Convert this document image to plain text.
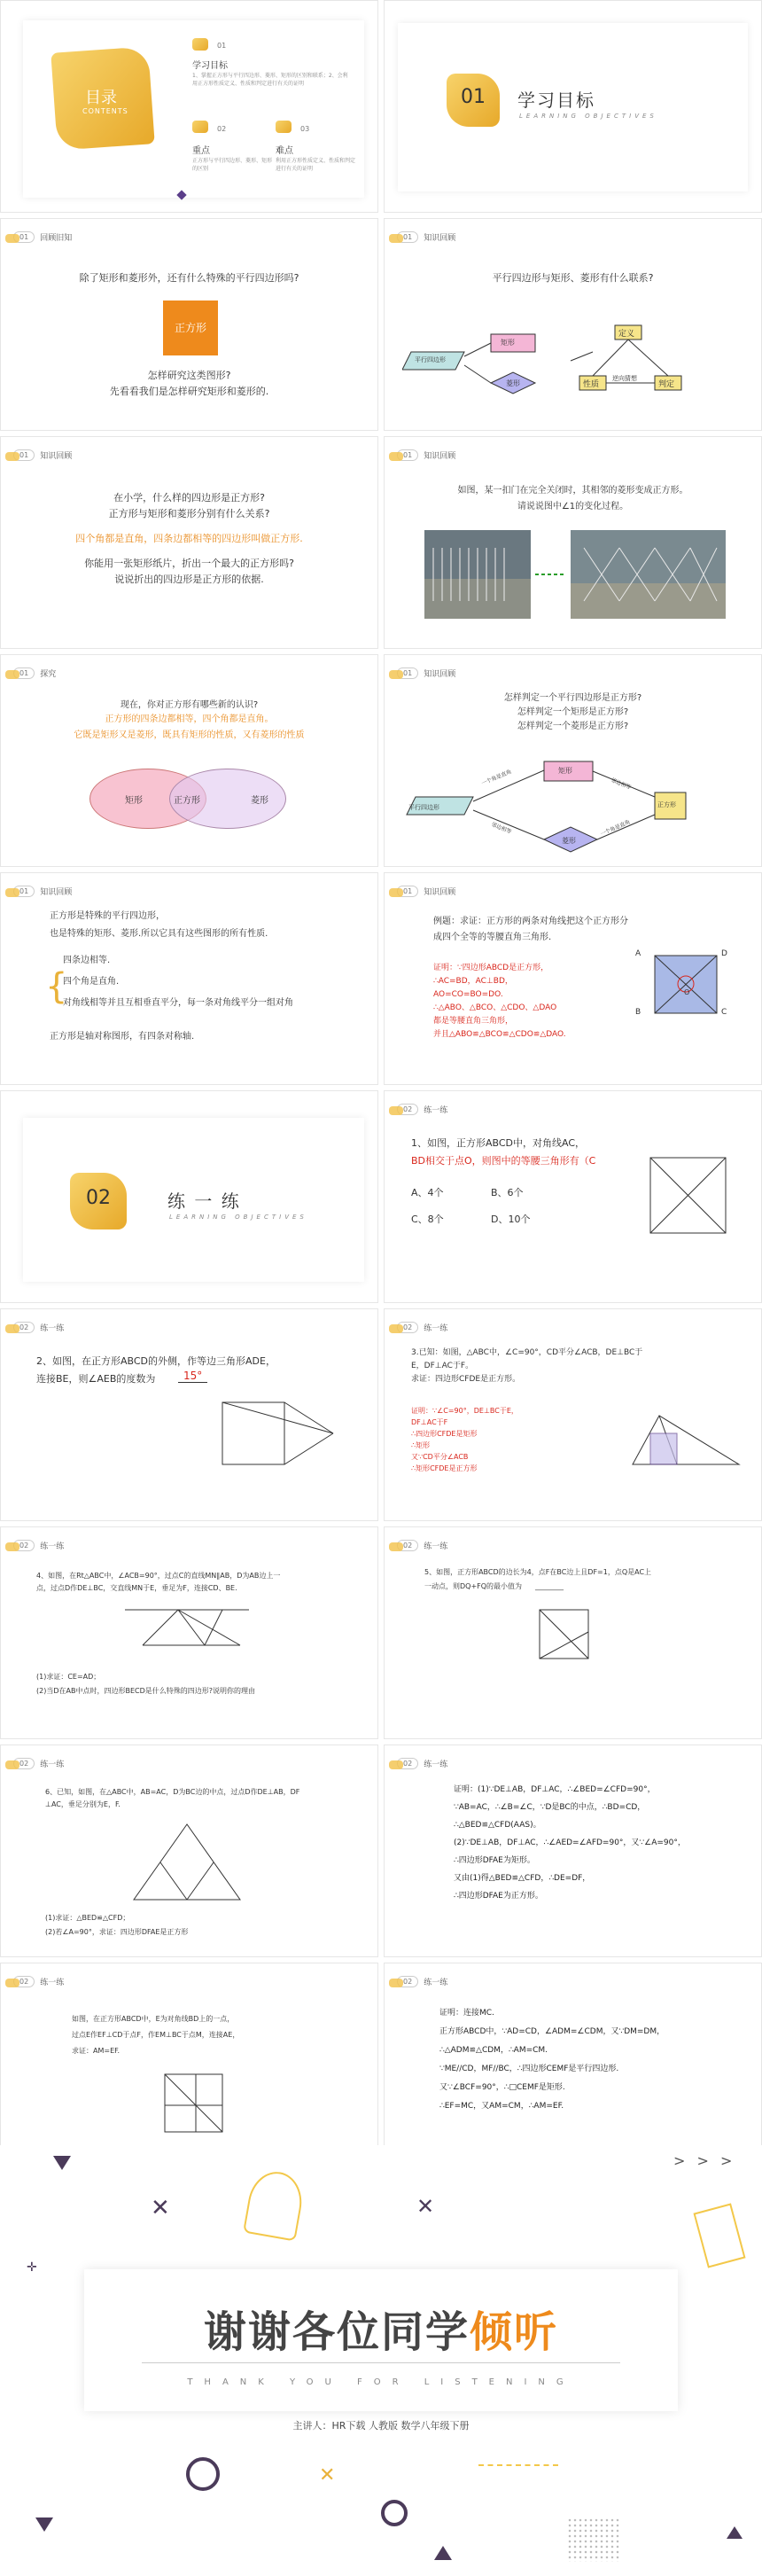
目录
CONTENTS
01
学习目标
1、掌握正方形与平行四边形、菱形、矩形的区别和联系；2、会利用正方形性质定义、性质和判定进行有关的证明
02
重点
正方形与平行四边形、菱形、矩形的区别
03
难点
利用正方形性质定义、性质和判定进行有关的证明
01 学习目标
LEARNING OBJECTIVES
01	回顾旧知
除了矩形和菱形外，还有什么特殊的平行四边形吗?
正方形
怎样研究这类图形?
先看看我们是怎样研究矩形和菱形的.
01	知识回顾
平行四边形与矩形、菱形有什么联系?
平行四边形
矩形
菱形
定义
性质	判定
逆向猜想
01	知识回顾
在小学，什么样的四边形是正方形?
正方形与矩形和菱形分别有什么关系?
四个角都是直角，四条边都相等的四边形叫做正方形.
你能用一张矩形纸片，折出一个最大的正方形吗?
说说折出的四边形是正方形的依据.
01	知识回顾
如图，某一扣门在完全关闭时，其相邻的菱形变成正方形。
请说说图中∠1的变化过程。
01	探究
现在，你对正方形有哪些新的认识?
正方形的四条边都相等，四个角都是直角。
它既是矩形又是菱形，既具有矩形的性质，又有菱形的性质
矩形	正方形	菱形
01	知识回顾
怎样判定一个平行四边形是正方形?
怎样判定一个矩形是正方形?
怎样判定一个菱形是正方形?
平行四边形
矩形
菱形
正方形
一个角是直角
邻边相等
邻边相等
一个角是直角
01	知识回顾
正方形是特殊的平行四边形，
也是特殊的矩形、菱形.所以它具有这些图形的所有性质.
{
四条边相等.
四个角是直角.
对角线相等并且互相垂直平分，每一条对角线平分一组对角
正方形是轴对称图形，有四条对称轴.
01	知识回顾
例题：求证：正方形的两条对角线把这个正方形分
成四个全等的等腰直角三角形.
证明：∵四边形ABCD是正方形，
∴AC=BD，AC⊥BD，
AO=CO=BO=DO.
∴△ABO、△BCO、△CDO、△DAO
都是等腰直角三角形，
并且△ABO≌△BCO≌△CDO≌△DAO.
A	D
B	C
O
02	练 一 练
LEARNING OBJECTIVES
02	练一练
1、如图，正方形ABCD中，对角线AC，
BD相交于点O，则图中的等腰三角形有（C
A、4个	B、6个
C、8个	D、10个
02	练一练
2、如图，在正方形ABCD的外侧，作等边三角形ADE，
连接BE，则∠AEB的度数为	15°
02	练一练
3.已知：如图，△ABC中，∠C=90°，CD平分∠ACB，DE⊥BC于
E，DF⊥AC于F。
求证：四边形CFDE是正方形。
证明：∵∠C=90°，DE⊥BC于E，
DF⊥AC于F
∴四边形CFDE是矩形
∴矩形
又∵CD平分∠ACB
∴矩形CFDE是正方形
02	练一练
4、如图，在Rt△ABC中，∠ACB=90°，过点C的直线MN∥AB，D为AB边上一
点，过点D作DE⊥BC，交直线MN于E，垂足为F，连接CD、BE.
(1)求证：CE=AD；
(2)当D在AB中点时，四边形BECD是什么特殊的四边形?说明你的理由
02	练一练
5、如图，正方形ABCD的边长为4，点F在BC边上且DF=1，点Q是AC上
一动点，则DQ+FQ的最小值为 ________
02	练一练
6、已知，如图，在△ABC中，AB=AC，D为BC边的中点，过点D作DE⊥AB，DF
⊥AC，垂足分别为E，F.
(1)求证：△BED≌△CFD；
(2)若∠A=90°，求证：四边形DFAE是正方形
02	练一练
证明：(1)∵DE⊥AB，DF⊥AC，∴∠BED=∠CFD=90°，
∵AB=AC，∴∠B=∠C，∵D是BC的中点，∴BD=CD，
∴△BED≌△CFD(AAS)。
(2)∵DE⊥AB，DF⊥AC，∴∠AED=∠AFD=90°，又∵∠A=90°，
∴四边形DFAE为矩形。
又由(1)得△BED≌△CFD，∴DE=DF，
∴四边形DFAE为正方形。
02	练一练
如图，在正方形ABCD中，E为对角线BD上的一点，
过点E作EF⊥CD于点F，作EM⊥BC于点M，连接AE，
求证：AM=EF.
02	练一练
证明：连接MC.
正方形ABCD中，∵AD=CD，∠ADM=∠CDM，又∵DM=DM，
∴△ADM≌△CDM，∴AM=CM.
∵ME//CD，MF//BC，∴四边形CEMF是平行四边形.
又∵∠BCF=90°，∴□CEMF是矩形.
∴EF=MC，又AM=CM，∴AM=EF.
> > >
✕	✕
✛
谢谢各位同学倾听
THANK YOU FOR LISTENING
主讲人：HR下载 人教版 数学八年级下册
✕
